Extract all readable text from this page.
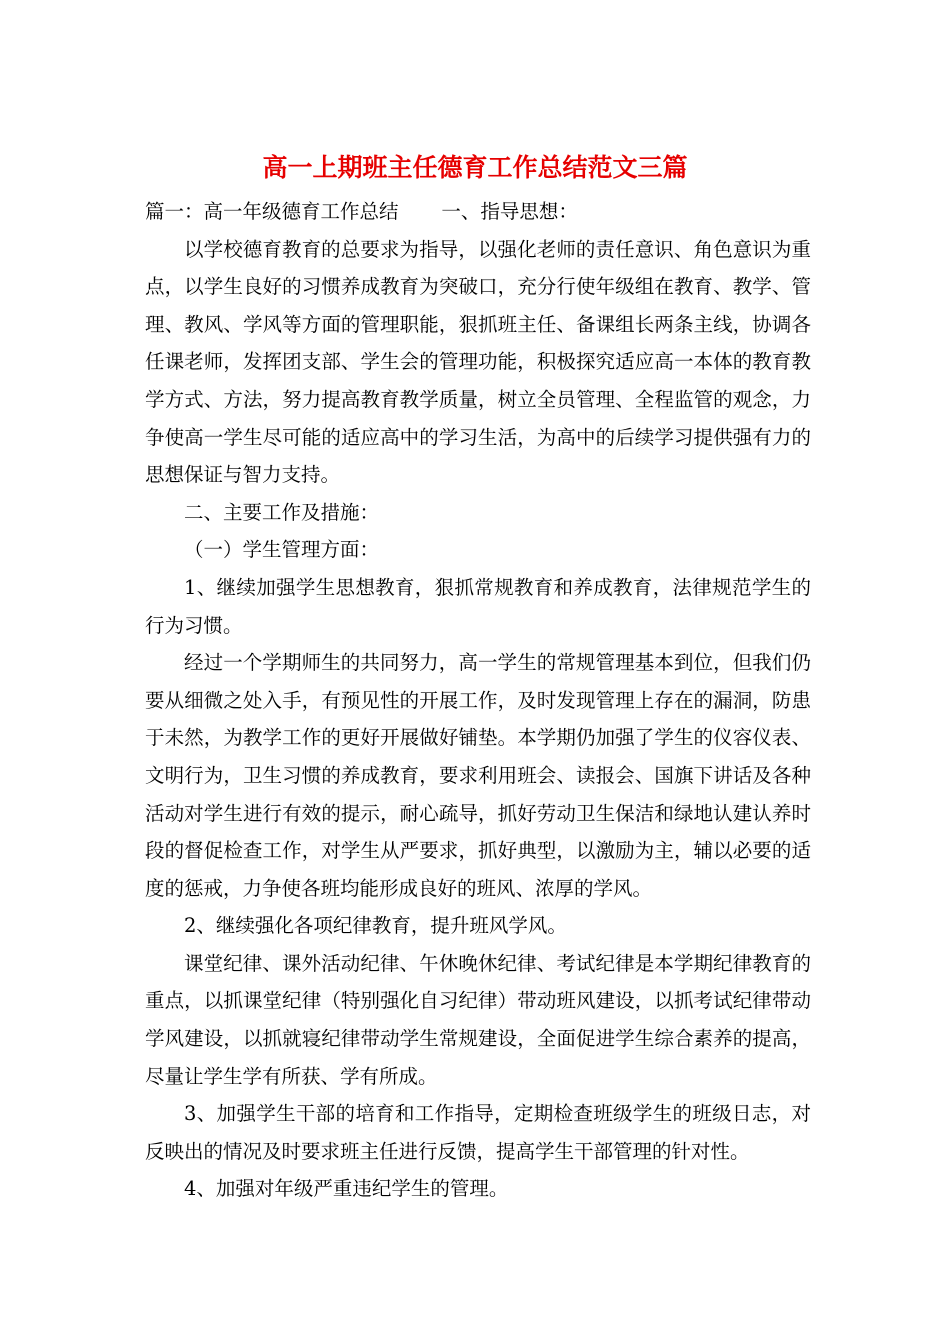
高一上期班主任德育工作总结范文三篇

篇一：高一年级德育工作总结 一、指导思想：

以学校德育教育的总要求为指导，以强化老师的责任意识、角色意识为重点，以学生良好的习惯养成教育为突破口，充分行使年级组在教育、教学、管理、教风、学风等方面的管理职能，狠抓班主任、备课组长两条主线，协调各任课老师，发挥团支部、学生会的管理功能，积极探究适应高一本体的教育教学方式、方法，努力提高教育教学质量，树立全员管理、全程监管的观念，力争使高一学生尽可能的适应高中的学习生活，为高中的后续学习提供强有力的思想保证与智力支持。

二、主要工作及措施：

（一）学生管理方面：

1、继续加强学生思想教育，狠抓常规教育和养成教育，法律规范学生的行为习惯。

经过一个学期师生的共同努力，高一学生的常规管理基本到位，但我们仍要从细微之处入手，有预见性的开展工作，及时发现管理上存在的漏洞，防患于未然，为教学工作的更好开展做好铺垫。本学期仍加强了学生的仪容仪表、文明行为，卫生习惯的养成教育，要求利用班会、读报会、国旗下讲话及各种活动对学生进行有效的提示，耐心疏导，抓好劳动卫生保洁和绿地认建认养时段的督促检查工作，对学生从严要求，抓好典型，以激励为主，辅以必要的适度的惩戒，力争使各班均能形成良好的班风、浓厚的学风。

2、继续强化各项纪律教育，提升班风学风。

课堂纪律、课外活动纪律、午休晚休纪律、考试纪律是本学期纪律教育的重点，以抓课堂纪律（特别强化自习纪律）带动班风建设，以抓考试纪律带动学风建设，以抓就寝纪律带动学生常规建设，全面促进学生综合素养的提高，尽量让学生学有所获、学有所成。

3、加强学生干部的培育和工作指导，定期检查班级学生的班级日志，对反映出的情况及时要求班主任进行反馈，提高学生干部管理的针对性。

4、加强对年级严重违纪学生的管理。
